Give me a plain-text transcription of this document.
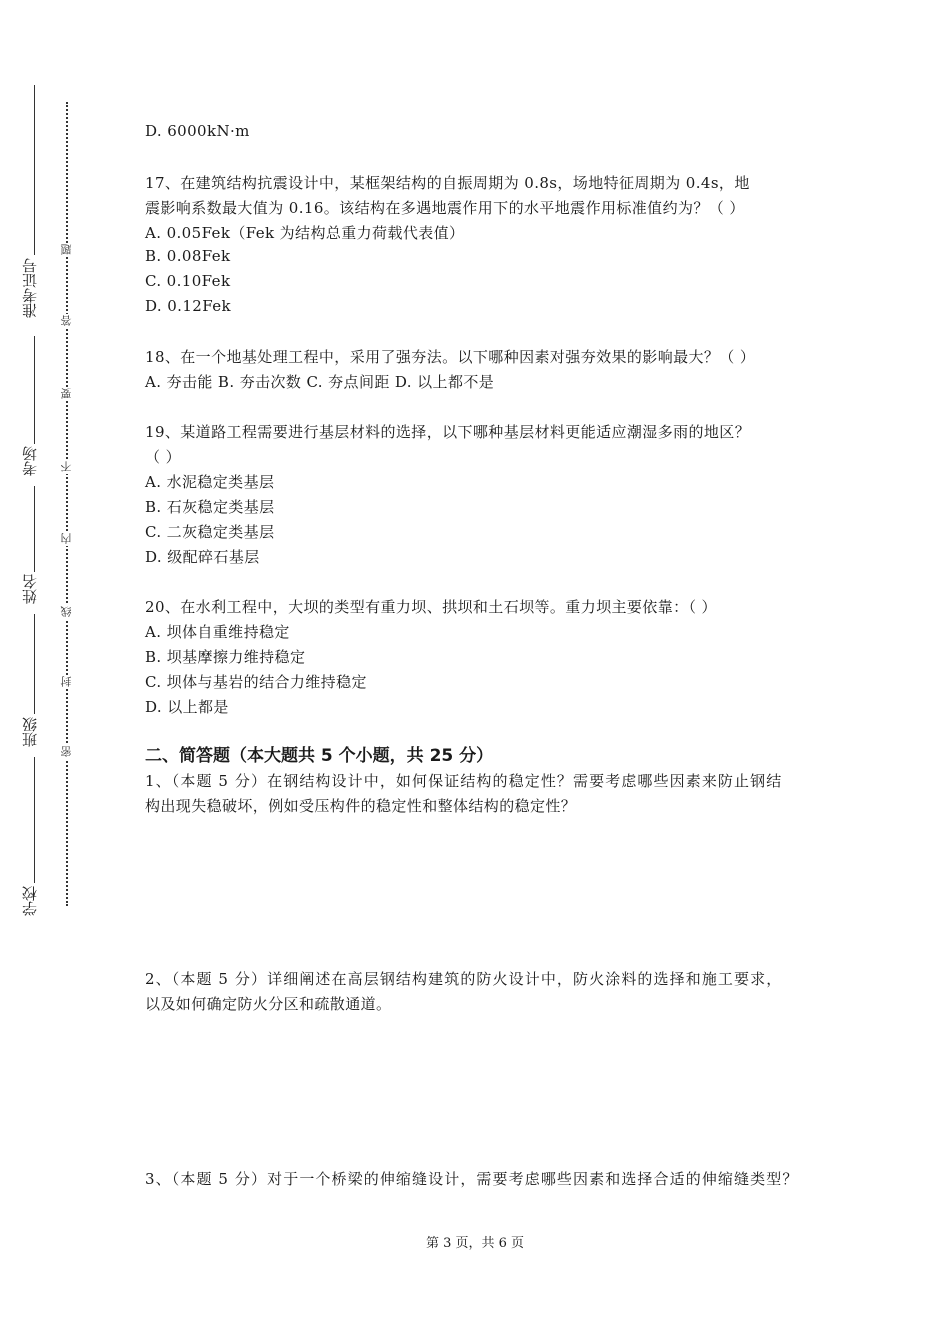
准考证号
考场
姓名
班级
学校
密
封
线
内
不
要
答
题
D. 6000kN·m
17、在建筑结构抗震设计中，某框架结构的自振周期为 0.8s，场地特征周期为 0.4s，地
震影响系数最大值为 0.16。该结构在多遇地震作用下的水平地震作用标准值约为？（ ）
A. 0.05Fek（Fek 为结构总重力荷载代表值）
B. 0.08Fek
C. 0.10Fek
D. 0.12Fek
18、在一个地基处理工程中，采用了强夯法。以下哪种因素对强夯效果的影响最大？（ ）
A. 夯击能 B. 夯击次数 C. 夯点间距 D. 以上都不是
19、某道路工程需要进行基层材料的选择，以下哪种基层材料更能适应潮湿多雨的地区？
（ ）
A. 水泥稳定类基层
B. 石灰稳定类基层
C. 二灰稳定类基层
D. 级配碎石基层
20、在水利工程中，大坝的类型有重力坝、拱坝和土石坝等。重力坝主要依靠：（ ）
A. 坝体自重维持稳定
B. 坝基摩擦力维持稳定
C. 坝体与基岩的结合力维持稳定
D. 以上都是
二、简答题（本大题共 5 个小题，共 25 分）
1、（本题 5 分）在钢结构设计中，如何保证结构的稳定性？需要考虑哪些因素来防止钢结
构出现失稳破坏，例如受压构件的稳定性和整体结构的稳定性？
2、（本题 5 分）详细阐述在高层钢结构建筑的防火设计中，防火涂料的选择和施工要求，
以及如何确定防火分区和疏散通道。
3、（本题 5 分）对于一个桥梁的伸缩缝设计，需要考虑哪些因素和选择合适的伸缩缝类型？
第 3 页，共 6 页
